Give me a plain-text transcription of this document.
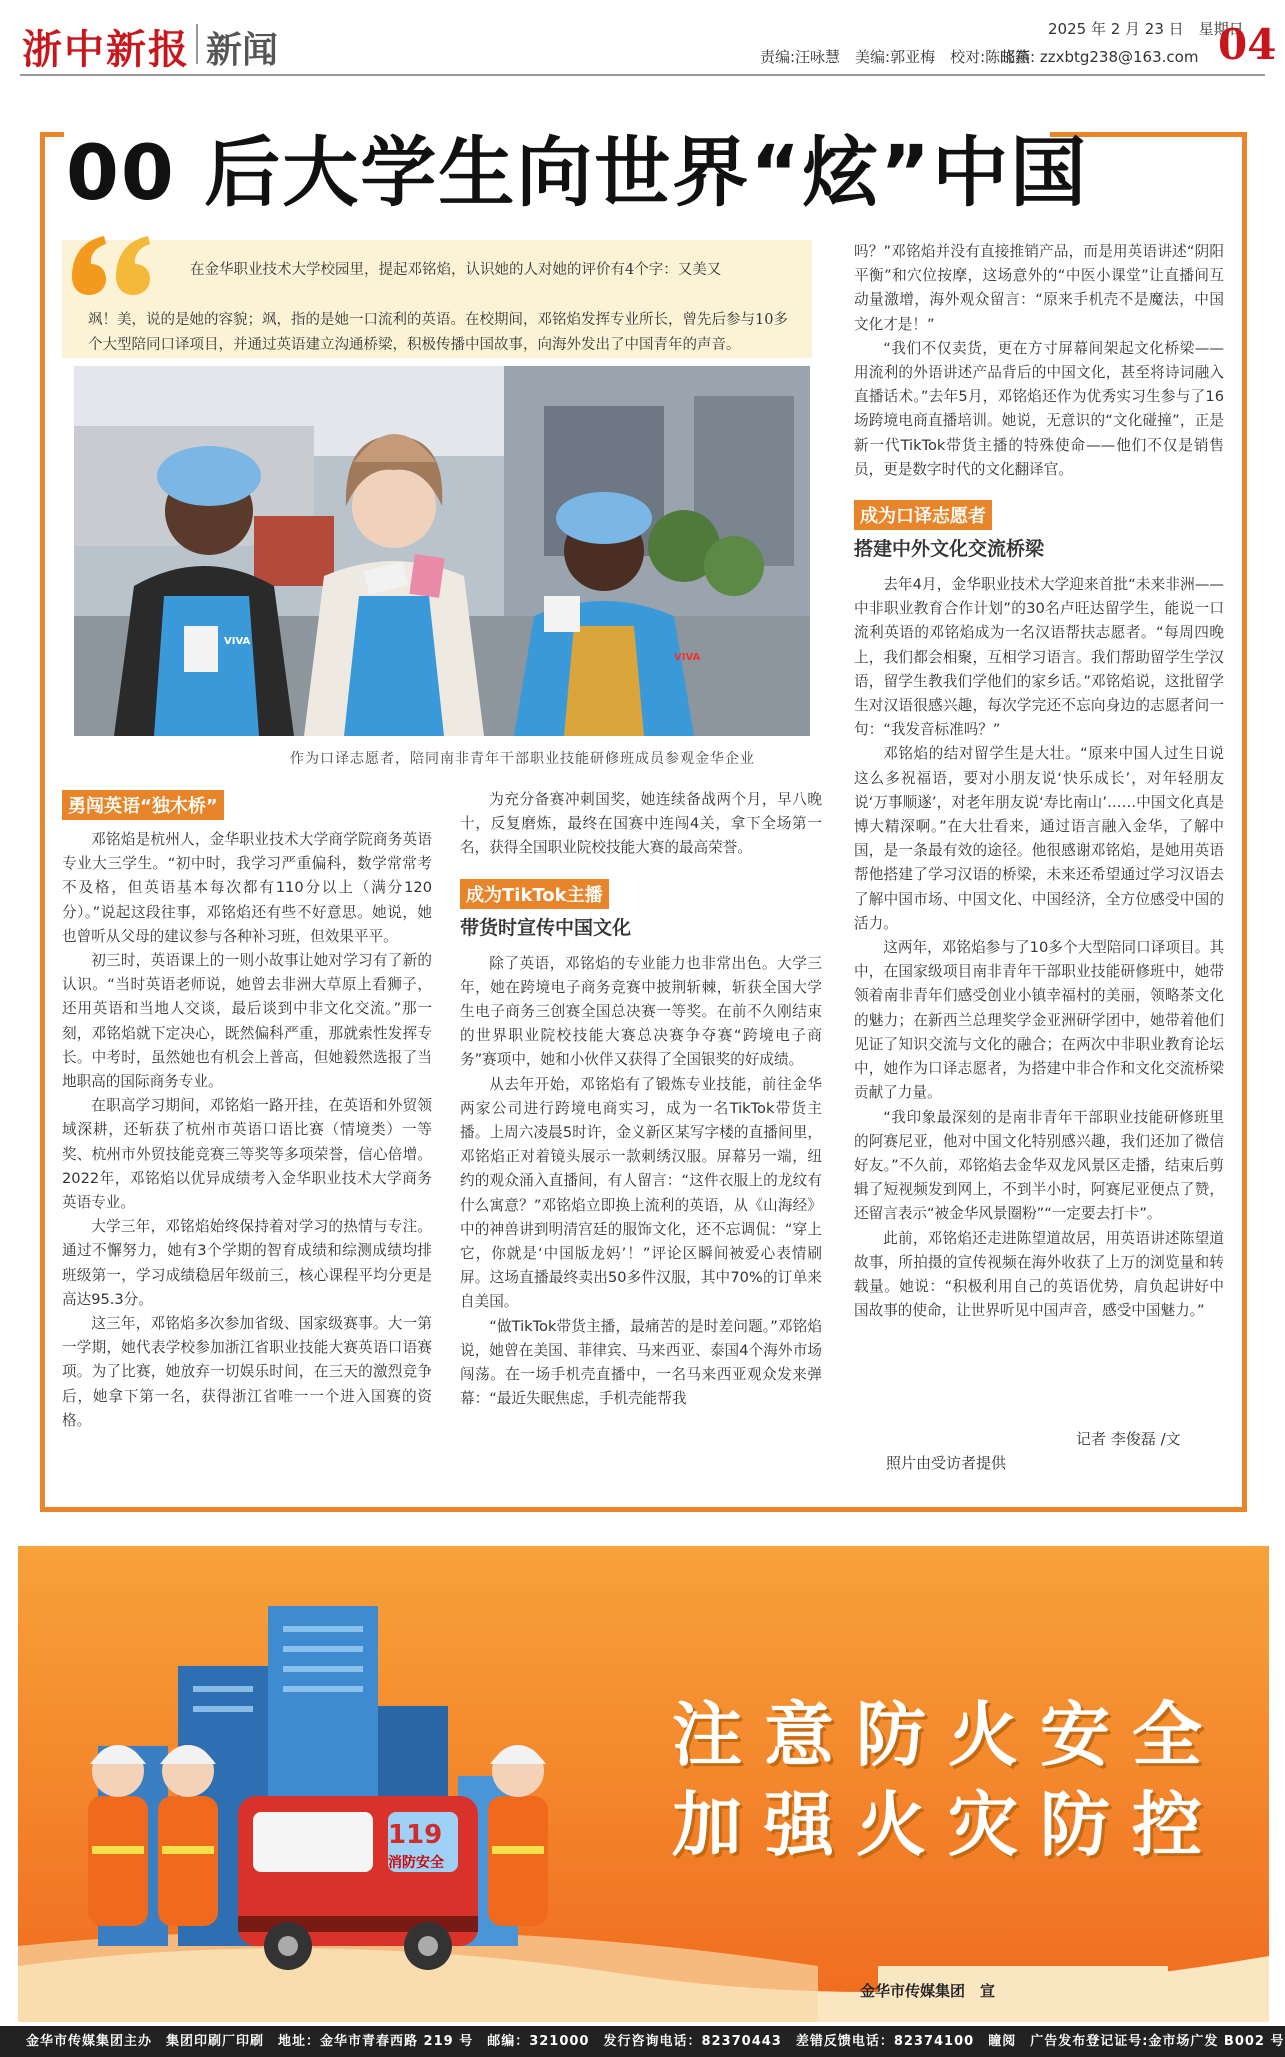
浙中新报 新闻
2025 年 2 月 23 日　星期日
责编:汪咏慧　美编:郭亚梅　校对:陈晓燕
邮箱: zzxbtg238@163.com 04
00 后大学生向世界“炫”中国
在金华职业技术大学校园里，提起邓铭焰，认识她的人对她的评价有4个字：又美又
飒！美，说的是她的容貌；飒，指的是她一口流利的英语。在校期间，邓铭焰发挥专业所长，曾先后参与10多个大型陪同口译项目，并通过英语建立沟通桥梁，积极传播中国故事，向海外发出了中国青年的声音。
VIVA
VIVA
作为口译志愿者，陪同南非青年干部职业技能研修班成员参观金华企业
勇闯英语“独木桥”

邓铭焰是杭州人，金华职业技术大学商学院商务英语专业大三学生。“初中时，我学习严重偏科，数学常常考不及格，但英语基本每次都有110分以上（满分120分）。”说起这段往事，邓铭焰还有些不好意思。她说，她也曾听从父母的建议参与各种补习班，但效果平平。

初三时，英语课上的一则小故事让她对学习有了新的认识。“当时英语老师说，她曾去非洲大草原上看狮子，还用英语和当地人交谈，最后谈到中非文化交流。”那一刻，邓铭焰就下定决心，既然偏科严重，那就索性发挥专长。中考时，虽然她也有机会上普高，但她毅然选报了当地职高的国际商务专业。

在职高学习期间，邓铭焰一路开挂，在英语和外贸领域深耕，还斩获了杭州市英语口语比赛（情境类）一等奖、杭州市外贸技能竞赛三等奖等多项荣誉，信心倍增。2022年，邓铭焰以优异成绩考入金华职业技术大学商务英语专业。

大学三年，邓铭焰始终保持着对学习的热情与专注。通过不懈努力，她有3个学期的智育成绩和综测成绩均排班级第一，学习成绩稳居年级前三，核心课程平均分更是高达95.3分。

这三年，邓铭焰多次参加省级、国家级赛事。大一第一学期，她代表学校参加浙江省职业技能大赛英语口语赛项。为了比赛，她放弃一切娱乐时间，在三天的激烈竞争后，她拿下第一名，获得浙江省唯一一个进入国赛的资格。

为充分备赛冲刺国奖，她连续备战两个月，早八晚十，反复磨炼，最终在国赛中连闯4关，拿下全场第一名，获得全国职业院校技能大赛的最高荣誉。

成为TikTok主播
带货时宣传中国文化

除了英语，邓铭焰的专业能力也非常出色。大学三年，她在跨境电子商务竞赛中披荆斩棘，斩获全国大学生电子商务三创赛全国总决赛一等奖。在前不久刚结束的世界职业院校技能大赛总决赛争夺赛“跨境电子商务”赛项中，她和小伙伴又获得了全国银奖的好成绩。

从去年开始，邓铭焰有了锻炼专业技能，前往金华两家公司进行跨境电商实习，成为一名TikTok带货主播。上周六凌晨5时许，金义新区某写字楼的直播间里，邓铭焰正对着镜头展示一款刺绣汉服。屏幕另一端，纽约的观众涌入直播间，有人留言：“这件衣服上的龙纹有什么寓意？”邓铭焰立即换上流利的英语，从《山海经》中的神兽讲到明清宫廷的服饰文化，还不忘调侃：“穿上它，你就是‘中国版龙妈’！”评论区瞬间被爱心表情刷屏。这场直播最终卖出50多件汉服，其中70%的订单来自美国。

“做TikTok带货主播，最痛苦的是时差问题。”邓铭焰说，她曾在美国、菲律宾、马来西亚、泰国4个海外市场闯荡。在一场手机壳直播中，一名马来西亚观众发来弹幕：“最近失眠焦虑，手机壳能帮我

吗？”邓铭焰并没有直接推销产品，而是用英语讲述“阴阳平衡”和穴位按摩，这场意外的“中医小课堂”让直播间互动量激增，海外观众留言：“原来手机壳不是魔法，中国文化才是！”

“我们不仅卖货，更在方寸屏幕间架起文化桥梁——用流利的外语讲述产品背后的中国文化，甚至将诗词融入直播话术。”去年5月，邓铭焰还作为优秀实习生参与了16场跨境电商直播培训。她说，无意识的“文化碰撞”，正是新一代TikTok带货主播的特殊使命——他们不仅是销售员，更是数字时代的文化翻译官。

成为口译志愿者
搭建中外文化交流桥梁

去年4月，金华职业技术大学迎来首批“未来非洲——中非职业教育合作计划”的30名卢旺达留学生，能说一口流利英语的邓铭焰成为一名汉语帮扶志愿者。“每周四晚上，我们都会相聚，互相学习语言。我们帮助留学生学汉语，留学生教我们学他们的家乡话。”邓铭焰说，这批留学生对汉语很感兴趣，每次学完还不忘向身边的志愿者问一句：“我发音标准吗？”

邓铭焰的结对留学生是大壮。“原来中国人过生日说这么多祝福语，要对小朋友说‘快乐成长’，对年轻朋友说‘万事顺遂’，对老年朋友说‘寿比南山’……中国文化真是博大精深啊。”在大壮看来，通过语言融入金华，了解中国，是一条最有效的途径。他很感谢邓铭焰，是她用英语帮他搭建了学习汉语的桥梁，未来还希望通过学习汉语去了解中国市场、中国文化、中国经济，全方位感受中国的活力。

这两年，邓铭焰参与了10多个大型陪同口译项目。其中，在国家级项目南非青年干部职业技能研修班中，她带领着南非青年们感受创业小镇幸福村的美丽，领略茶文化的魅力；在新西兰总理奖学金亚洲研学团中，她带着他们见证了知识交流与文化的融合；在两次中非职业教育论坛中，她作为口译志愿者，为搭建中非合作和文化交流桥梁贡献了力量。

“我印象最深刻的是南非青年干部职业技能研修班里的阿赛尼亚，他对中国文化特别感兴趣，我们还加了微信好友。”不久前，邓铭焰去金华双龙风景区走播，结束后剪辑了短视频发到网上，不到半小时，阿赛尼亚便点了赞，还留言表示“被金华风景圈粉”“一定要去打卡”。

此前，邓铭焰还走进陈望道故居，用英语讲述陈望道故事，所拍摄的宣传视频在海外收获了上万的浏览量和转载量。她说：“积极利用自己的英语优势，肩负起讲好中国故事的使命，让世界听见中国声音，感受中国魅力。”

记者 李俊磊 /文
照片由受访者提供
119
消防安全
注意防火安全
加强火灾防控
金华市传媒集团　宣
金华市传媒集团主办　集团印刷厂印刷　地址：金华市青春西路 219 号　邮编：321000　发行咨询电话：82370443　差错反馈电话：82374100　瞳阅　广告发布登记证号:金市场广发 B002 号
